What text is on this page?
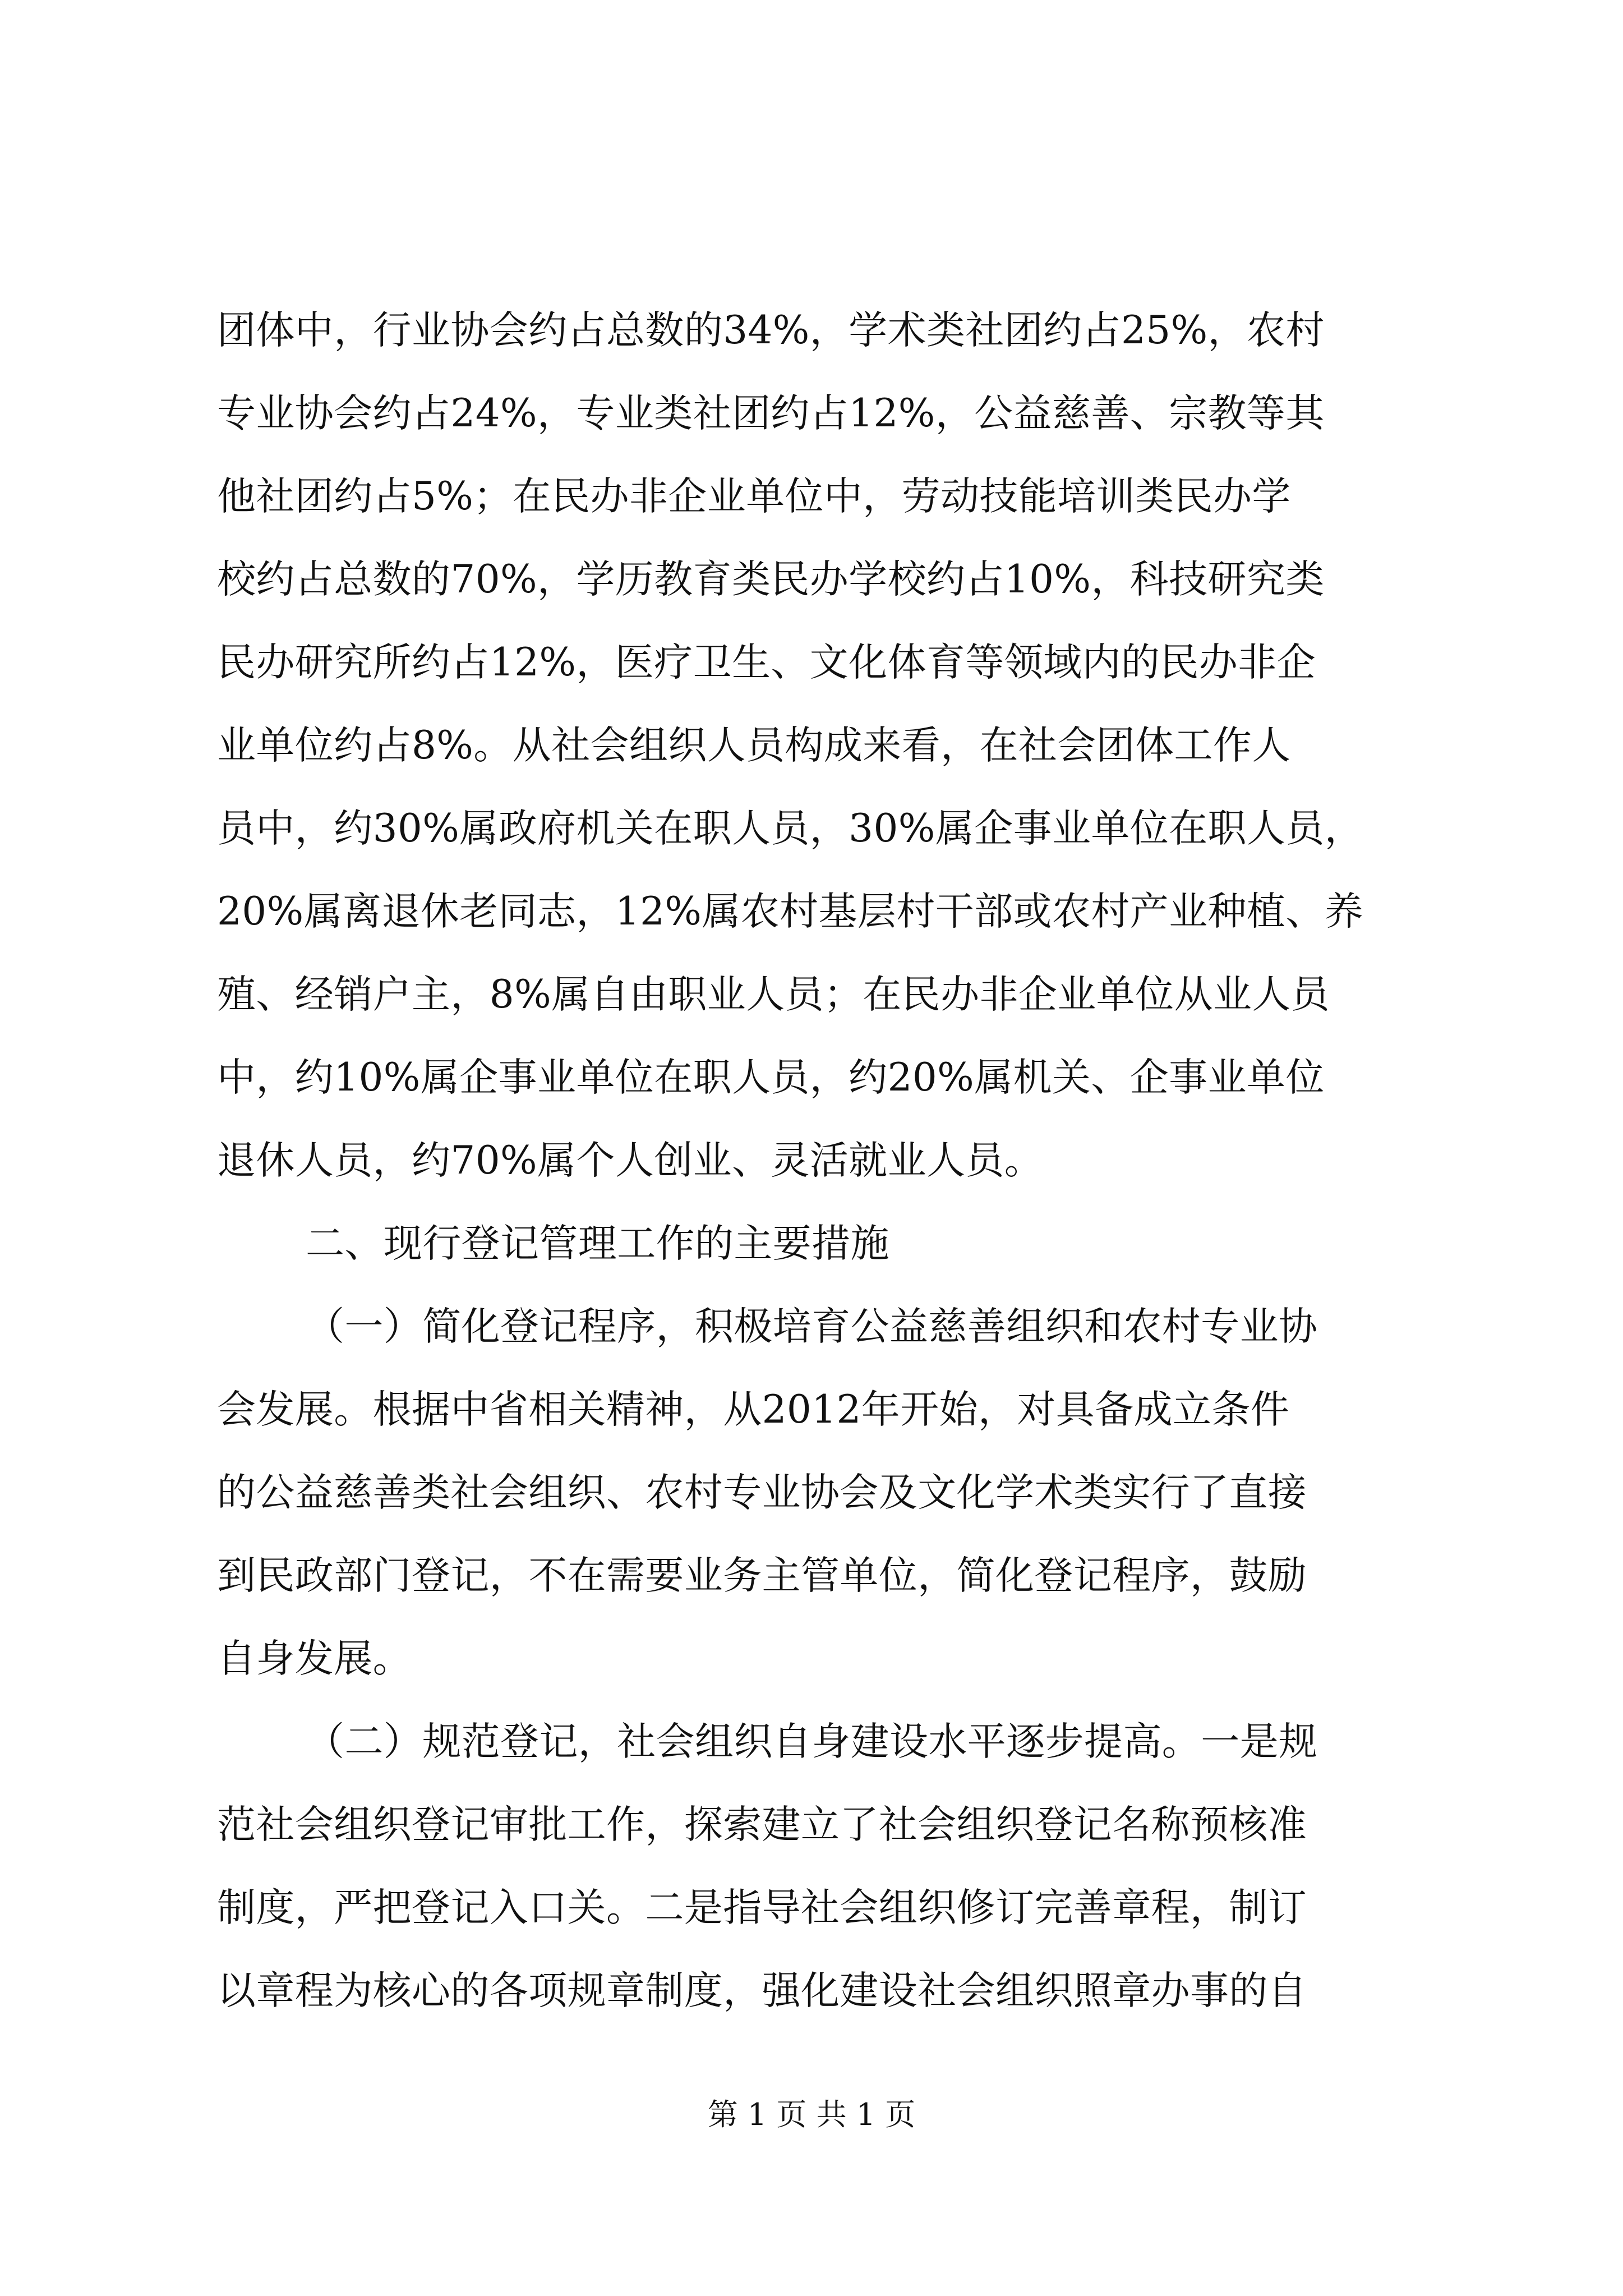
团体中，行业协会约占总数的34%，学术类社团约占25%，农村
专业协会约占24%，专业类社团约占12%，公益慈善、宗教等其
他社团约占5%；在民办非企业单位中，劳动技能培训类民办学
校约占总数的70%，学历教育类民办学校约占10%，科技研究类
民办研究所约占12%，医疗卫生、文化体育等领域内的民办非企
业单位约占8%。从社会组织人员构成来看，在社会团体工作人
员中，约30%属政府机关在职人员，30%属企事业单位在职人员，
20%属离退休老同志，12%属农村基层村干部或农村产业种植、养
殖、经销户主，8%属自由职业人员；在民办非企业单位从业人员
中，约10%属企事业单位在职人员，约20%属机关、企事业单位
退休人员，约70%属个人创业、灵活就业人员。
二、现行登记管理工作的主要措施
（一）简化登记程序，积极培育公益慈善组织和农村专业协
会发展。根据中省相关精神，从2012年开始，对具备成立条件
的公益慈善类社会组织、农村专业协会及文化学术类实行了直接
到民政部门登记，不在需要业务主管单位，简化登记程序，鼓励
自身发展。
（二）规范登记，社会组织自身建设水平逐步提高。一是规
范社会组织登记审批工作，探索建立了社会组织登记名称预核准
制度，严把登记入口关。二是指导社会组织修订完善章程，制订
以章程为核心的各项规章制度，强化建设社会组织照章办事的自
第 1 页 共 1 页
